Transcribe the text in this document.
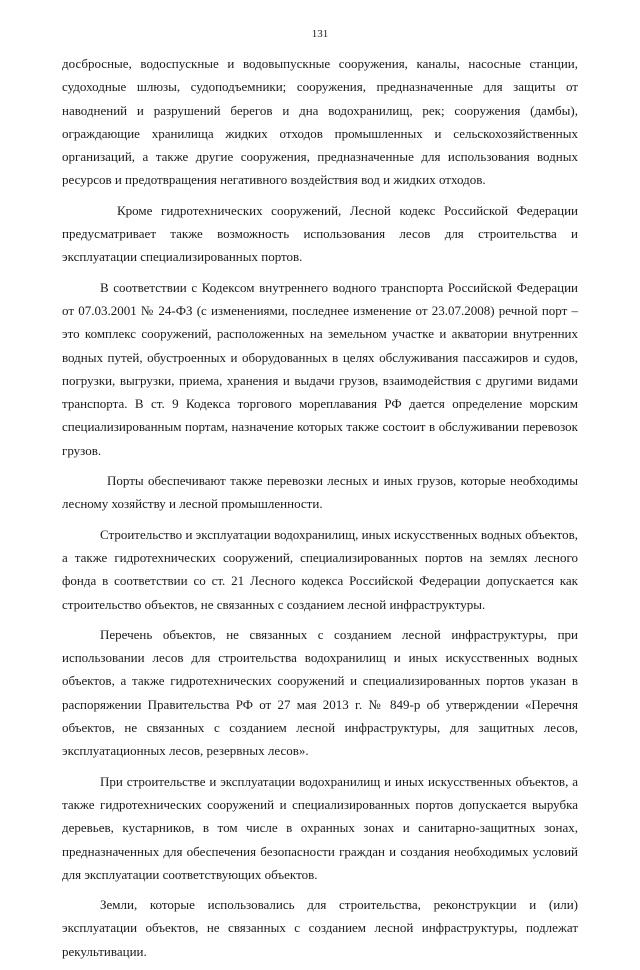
131

досбросные, водоспускные и водовыпускные сооружения, каналы, насосные станции, судоходные шлюзы, судоподъемники; сооружения, предназначенные для защиты от наводнений и разрушений берегов и дна водохранилищ, рек; сооружения (дамбы), ограждающие хранилища жидких отходов промышленных и сельскохозяйственных организаций, а также другие сооружения, предназначенные для использования водных ресурсов и предотвращения негативного воздействия вод и жидких отходов.

Кроме гидротехнических сооружений, Лесной кодекс Российской Федерации предусматривает также возможность использования лесов для строительства и эксплуатации специализированных портов.

В соответствии с Кодексом внутреннего водного транспорта Российской Федерации от 07.03.2001 № 24-ФЗ (с изменениями, последнее изменение от 23.07.2008) речной порт – это комплекс сооружений, расположенных на земельном участке и акватории внутренних водных путей, обустроенных и оборудованных в целях обслуживания пассажиров и судов, погрузки, выгрузки, приема, хранения и выдачи грузов, взаимодействия с другими видами транспорта. В ст. 9 Кодекса торгового мореплавания РФ дается определение морским специализированным портам, назначение которых также состоит в обслуживании перевозок грузов.

Порты обеспечивают также перевозки лесных и иных грузов, которые необходимы лесному хозяйству и лесной промышленности.

Строительство и эксплуатации водохранилищ, иных искусственных водных объектов, а также гидротехнических сооружений, специализированных портов на землях лесного фонда в соответствии со ст. 21 Лесного кодекса Российской Федерации допускается как строительство объектов, не связанных с созданием лесной инфраструктуры.

Перечень объектов, не связанных с созданием лесной инфраструктуры, при использовании лесов для строительства водохранилищ и иных искусственных водных объектов, а также гидротехнических сооружений и специализированных портов указан в распоряжении Правительства РФ от 27 мая 2013 г. № 849-р об утверждении «Перечня объектов, не связанных с созданием лесной инфраструктуры, для защитных лесов, эксплуатационных лесов, резервных лесов».

При строительстве и эксплуатации водохранилищ и иных искусственных объектов, а также гидротехнических сооружений и специализированных портов допускается вырубка деревьев, кустарников, в том числе в охранных зонах и санитарно-защитных зонах, предназначенных для обеспечения безопасности граждан и создания необходимых условий для эксплуатации соответствующих объектов.

Земли, которые использовались для строительства, реконструкции и (или) эксплуатации объектов, не связанных с созданием лесной инфраструктуры, подлежат рекультивации.
